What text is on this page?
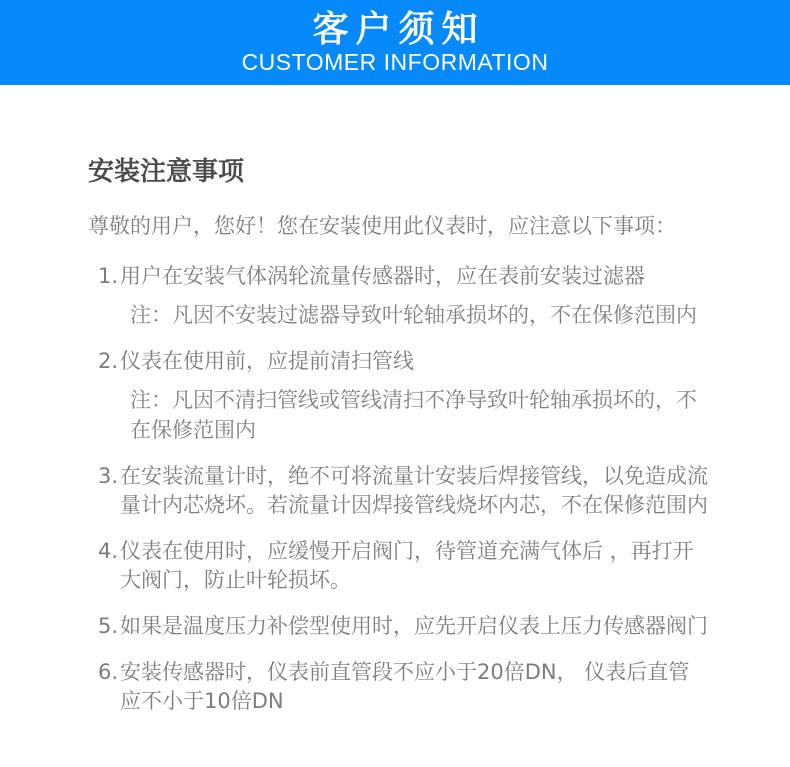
客户须知
CUSTOMER INFORMATION
安装注意事项

尊敬的用户，您好！您在安装使用此仪表时，应注意以下事项：

1. 用户在安装气体涡轮流量传感器时，应在表前安装过滤器
注：凡因不安装过滤器导致叶轮轴承损坏的，不在保修范围内
2. 仪表在使用前，应提前清扫管线
注：凡因不清扫管线或管线清扫不净导致叶轮轴承损坏的，不在保修范围内
3. 在安装流量计时，绝不可将流量计安装后焊接管线，以免造成流量计内芯烧坏。若流量计因焊接管线烧坏内芯，不在保修范围内
4. 仪表在使用时，应缓慢开启阀门，待管道充满气体后 ，再打开大阀门，防止叶轮损坏。
5. 如果是温度压力补偿型使用时，应先开启仪表上压力传感器阀门
6. 安装传感器时，仪表前直管段不应小于20倍DN， 仪表后直管应不小于10倍DN
